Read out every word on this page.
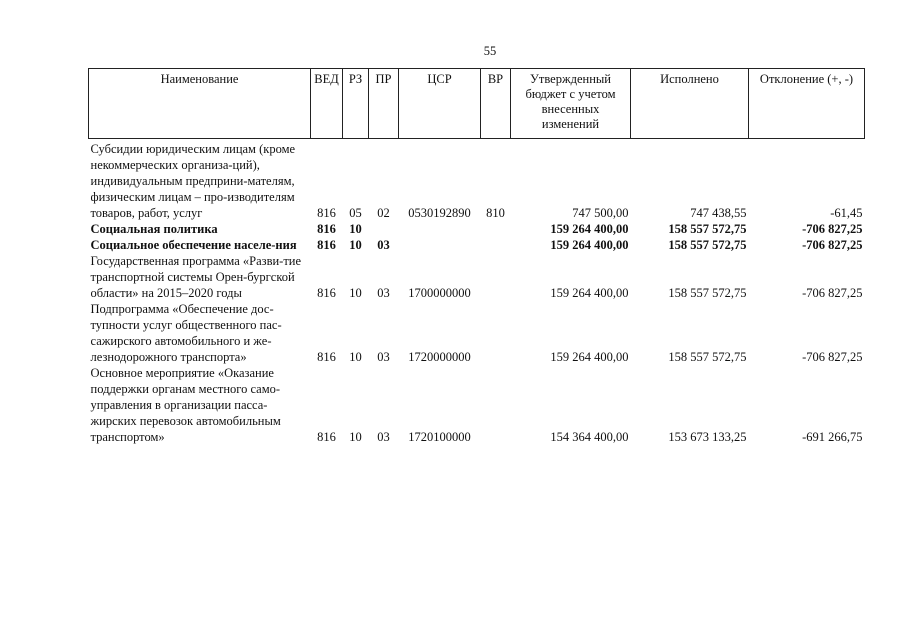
55
Наименование	ВЕД	РЗ	ПР	ЦСР	ВР	Утвержденный бюджет с учетом внесенных изменений	Исполнено	Отклонение (+, -)
Субсидии юридическим лицам (кроме некоммерческих организа-ций), индивидуальным предприни-мателям, физическим лицам – про-изводителям товаров, работ, услуг	816	05	02	0530192890	810	747 500,00	747 438,55	-61,45
Социальная политика	816	10				159 264 400,00	158 557 572,75	-706 827,25
Социальное обеспечение населе-ния	816	10	03			159 264 400,00	158 557 572,75	-706 827,25
Государственная программа «Разви-тие транспортной системы Орен-бургской области» на 2015–2020 годы	816	10	03	1700000000		159 264 400,00	158 557 572,75	-706 827,25
Подпрограмма «Обеспечение дос-тупности услуг общественного пас-сажирского автомобильного и же-лезнодорожного транспорта»	816	10	03	1720000000		159 264 400,00	158 557 572,75	-706 827,25
Основное мероприятие «Оказание поддержки органам местного само-управления в организации пасса-жирских перевозок автомобильным транспортом»	816	10	03	1720100000		154 364 400,00	153 673 133,25	-691 266,75
